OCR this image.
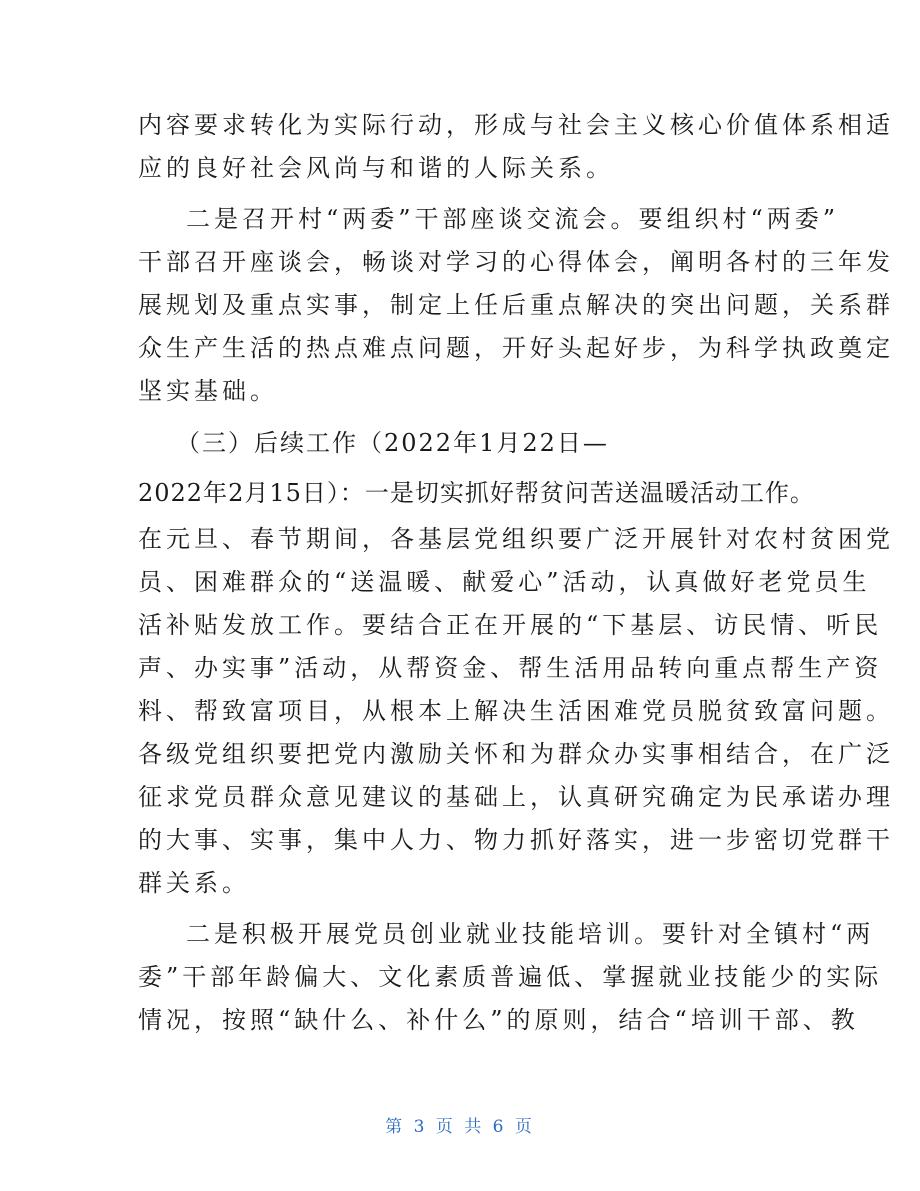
内容要求转化为实际行动，形成与社会主义核心价值体系相适
应的良好社会风尚与和谐的人际关系。
二是召开村“两委”干部座谈交流会。要组织村“两委”
干部召开座谈会，畅谈对学习的心得体会，阐明各村的三年发
展规划及重点实事，制定上任后重点解决的突出问题，关系群
众生产生活的热点难点问题，开好头起好步，为科学执政奠定
坚实基础。
（三）后续工作（2022年1月22日—
2022年2月15日）：一是切实抓好帮贫问苦送温暖活动工作。
在元旦、春节期间，各基层党组织要广泛开展针对农村贫困党
员、困难群众的“送温暖、献爱心”活动，认真做好老党员生
活补贴发放工作。要结合正在开展的“下基层、访民情、听民
声、办实事”活动，从帮资金、帮生活用品转向重点帮生产资
料、帮致富项目，从根本上解决生活困难党员脱贫致富问题。
各级党组织要把党内激励关怀和为群众办实事相结合，在广泛
征求党员群众意见建议的基础上，认真研究确定为民承诺办理
的大事、实事，集中人力、物力抓好落实，进一步密切党群干
群关系。
二是积极开展党员创业就业技能培训。要针对全镇村“两
委”干部年龄偏大、文化素质普遍低、掌握就业技能少的实际
情况，按照“缺什么、补什么”的原则，结合“培训干部、教
第 3 页 共 6 页
